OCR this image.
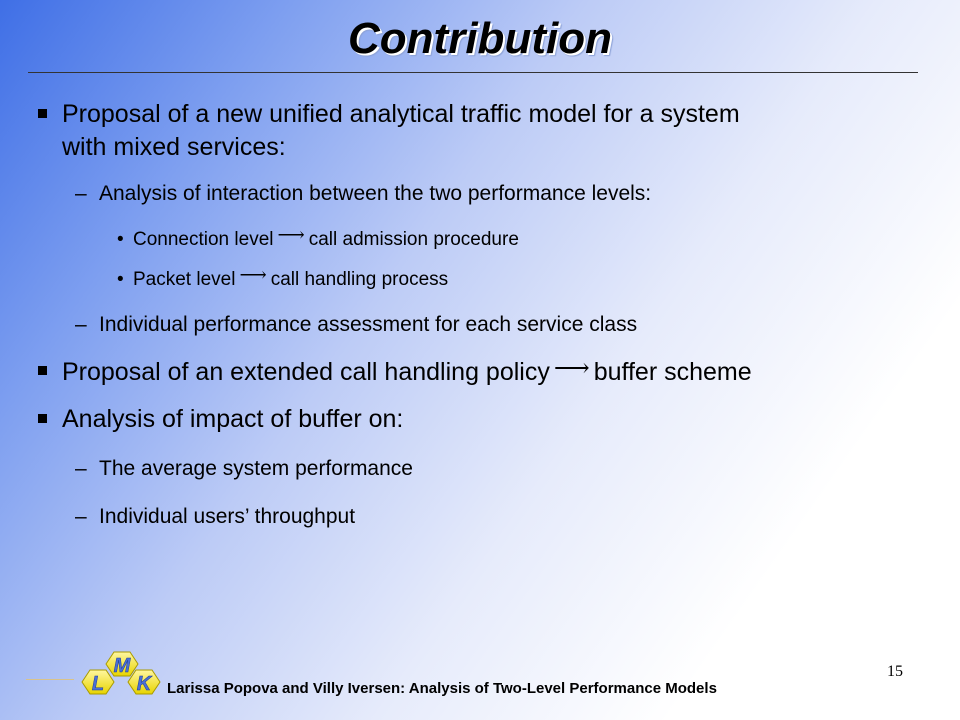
Contribution
Proposal of a new unified analytical traffic model for a system
with mixed services:
– Analysis of interaction between the two performance levels:
• Connection level ⟶ call admission procedure
• Packet level ⟶ call handling process
– Individual performance assessment for each service class
Proposal of an extended call handling policy ⟶ buffer scheme
Analysis of impact of buffer on:
– The average system performance
– Individual users’ throughput
L
M
K Larissa Popova and Villy Iversen: Analysis of Two-Level Performance Models
15
